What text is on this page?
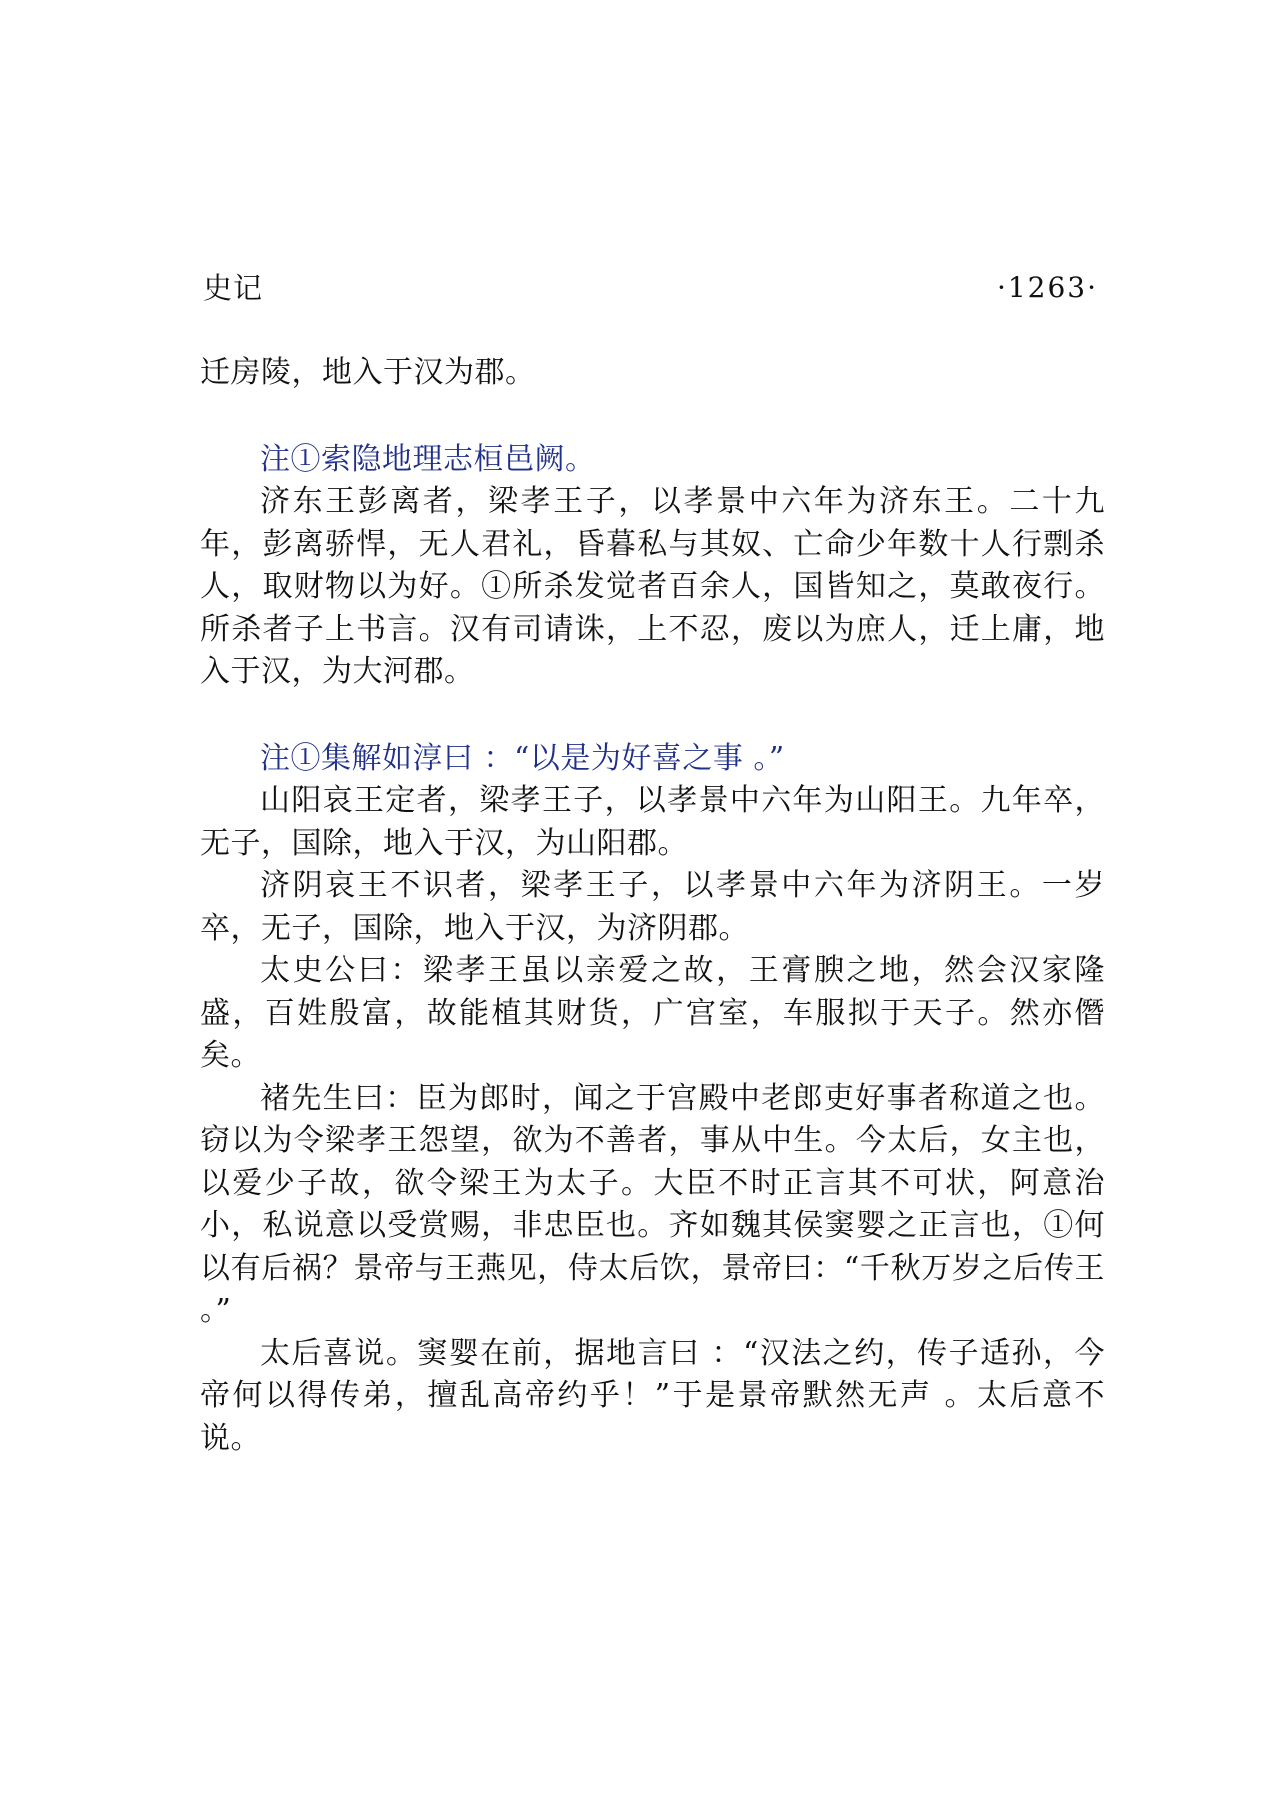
史记	·1263·

迁房陵，地入于汉为郡。

注①索隐地理志桓邑阙。

济东王彭离者，梁孝王子，以孝景中六年为济东王。二十九年，彭离骄悍，无人君礼，昏暮私与其奴、亡命少年数十人行剽杀人，取财物以为好。①所杀发觉者百余人，国皆知之，莫敢夜行。所杀者子上书言。汉有司请诛，上不忍，废以为庶人，迁上庸，地入于汉，为大河郡。

注①集解如淳曰 ：“以是为好喜之事 。”

山阳哀王定者，梁孝王子，以孝景中六年为山阳王。九年卒，无子，国除，地入于汉，为山阳郡。

济阴哀王不识者，梁孝王子，以孝景中六年为济阴王。一岁卒，无子，国除，地入于汉，为济阴郡。

太史公曰：梁孝王虽以亲爱之故，王膏腴之地，然会汉家隆盛，百姓殷富，故能植其财货，广宫室，车服拟于天子。然亦僭矣。

褚先生曰：臣为郎时，闻之于宫殿中老郎吏好事者称道之也。窃以为令梁孝王怨望，欲为不善者，事从中生。今太后，女主也，以爱少子故，欲令梁王为太子。大臣不时正言其不可状，阿意治小，私说意以受赏赐，非忠臣也。齐如魏其侯窦婴之正言也，①何以有后祸？景帝与王燕见，侍太后饮，景帝曰：“千秋万岁之后传王 。”

太后喜说。窦婴在前，据地言曰 ：“汉法之约，传子适孙，今帝何以得传弟，擅乱高帝约乎！”于是景帝默然无声 。太后意不说。
